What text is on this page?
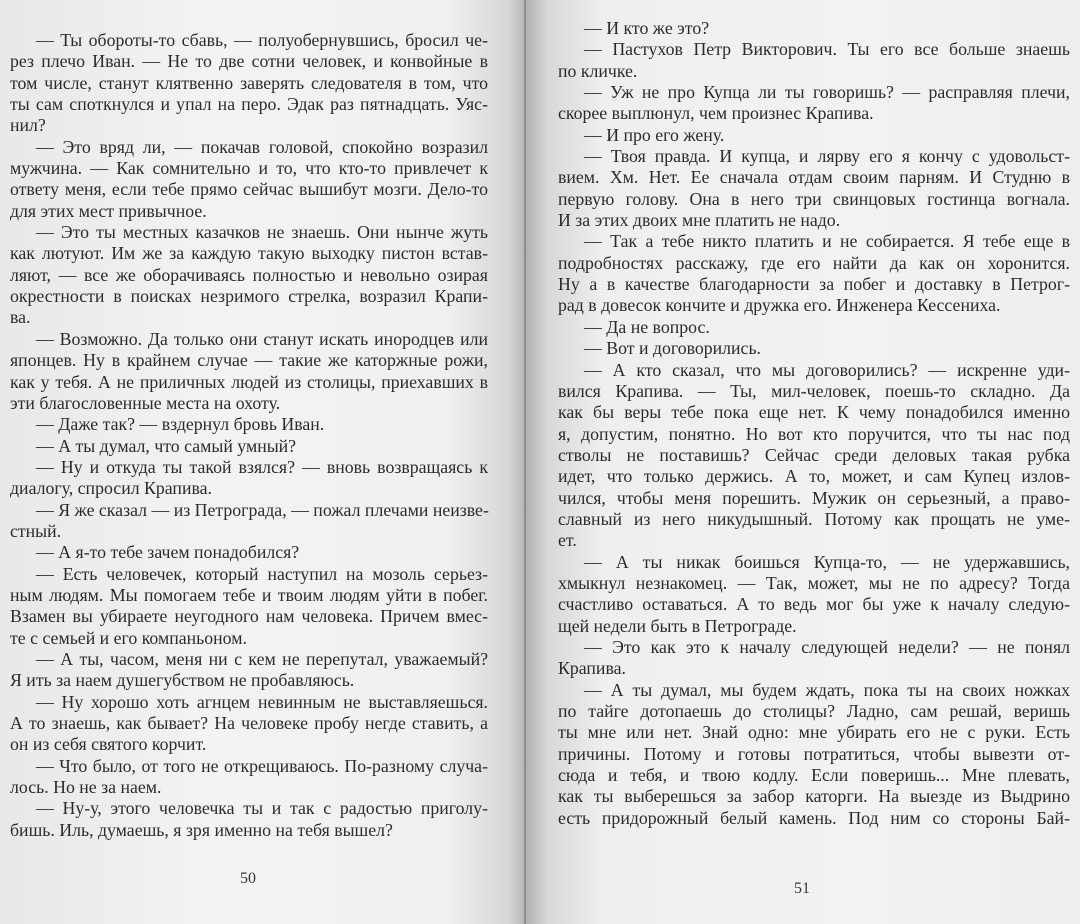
— Ты обороты-то сбавь, — полуобернувшись, бросил че-
рез плечо Иван. — Не то две сотни человек, и конвойные в
том числе, станут клятвенно заверять следователя в том, что
ты сам споткнулся и упал на перо. Эдак раз пятнадцать. Уяс-
нил?
— Это вряд ли, — покачав головой, спокойно возразил
мужчина. — Как сомнительно и то, что кто-то привлечет к
ответу меня, если тебе прямо сейчас вышибут мозги. Дело-то
для этих мест привычное.
— Это ты местных казачков не знаешь. Они нынче жуть
как лютуют. Им же за каждую такую выходку пистон встав-
ляют, — все же оборачиваясь полностью и невольно озирая
окрестности в поисках незримого стрелка, возразил Крапи-
ва.
— Возможно. Да только они станут искать инородцев или
японцев. Ну в крайнем случае — такие же каторжные рожи,
как у тебя. А не приличных людей из столицы, приехавших в
эти благословенные места на охоту.
— Даже так? — вздернул бровь Иван.
— А ты думал, что самый умный?
— Ну и откуда ты такой взялся? — вновь возвращаясь к
диалогу, спросил Крапива.
— Я же сказал — из Петрограда, — пожал плечами неизве-
стный.
— А я-то тебе зачем понадобился?
— Есть человечек, который наступил на мозоль серьез-
ным людям. Мы помогаем тебе и твоим людям уйти в побег.
Взамен вы убираете неугодного нам человека. Причем вмес-
те с семьей и его компаньоном.
— А ты, часом, меня ни с кем не перепутал, уважаемый?
Я ить за наем душегубством не пробавляюсь.
— Ну хорошо хоть агнцем невинным не выставляешься.
А то знаешь, как бывает? На человеке пробу негде ставить, а
он из себя святого корчит.
— Что было, от того не открещиваюсь. По-разному случа-
лось. Но не за наем.
— Ну-у, этого человечка ты и так с радостью приголу-
бишь. Иль, думаешь, я зря именно на тебя вышел?
50
— И кто же это?
— Пастухов Петр Викторович. Ты его все больше знаешь
по кличке.
— Уж не про Купца ли ты говоришь? — расправляя плечи,
скорее выплюнул, чем произнес Крапива.
— И про его жену.
— Твоя правда. И купца, и лярву его я кончу с удовольст-
вием. Хм. Нет. Ее сначала отдам своим парням. И Студню в
первую голову. Она в него три свинцовых гостинца вогнала.
И за этих двоих мне платить не надо.
— Так а тебе никто платить и не собирается. Я тебе еще в
подробностях расскажу, где его найти да как он хоронится.
Ну а в качестве благодарности за побег и доставку в Петрог-
рад в довесок кончите и дружка его. Инженера Кессениха.
— Да не вопрос.
— Вот и договорились.
— А кто сказал, что мы договорились? — искренне уди-
вился Крапива. — Ты, мил-человек, поешь-то складно. Да
как бы веры тебе пока еще нет. К чему понадобился именно
я, допустим, понятно. Но вот кто поручится, что ты нас под
стволы не поставишь? Сейчас среди деловых такая рубка
идет, что только держись. А то, может, и сам Купец излов-
чился, чтобы меня порешить. Мужик он серьезный, а право-
славный из него никудышный. Потому как прощать не уме-
ет.
— А ты никак боишься Купца-то, — не удержавшись,
хмыкнул незнакомец. — Так, может, мы не по адресу? Тогда
счастливо оставаться. А то ведь мог бы уже к началу следую-
щей недели быть в Петрограде.
— Это как это к началу следующей недели? — не понял
Крапива.
— А ты думал, мы будем ждать, пока ты на своих ножках
по тайге дотопаешь до столицы? Ладно, сам решай, веришь
ты мне или нет. Знай одно: мне убирать его не с руки. Есть
причины. Потому и готовы потратиться, чтобы вывезти от-
сюда и тебя, и твою кодлу. Если поверишь... Мне плевать,
как ты выберешься за забор каторги. На выезде из Выдрино
есть придорожный белый камень. Под ним со стороны Бай-
51
